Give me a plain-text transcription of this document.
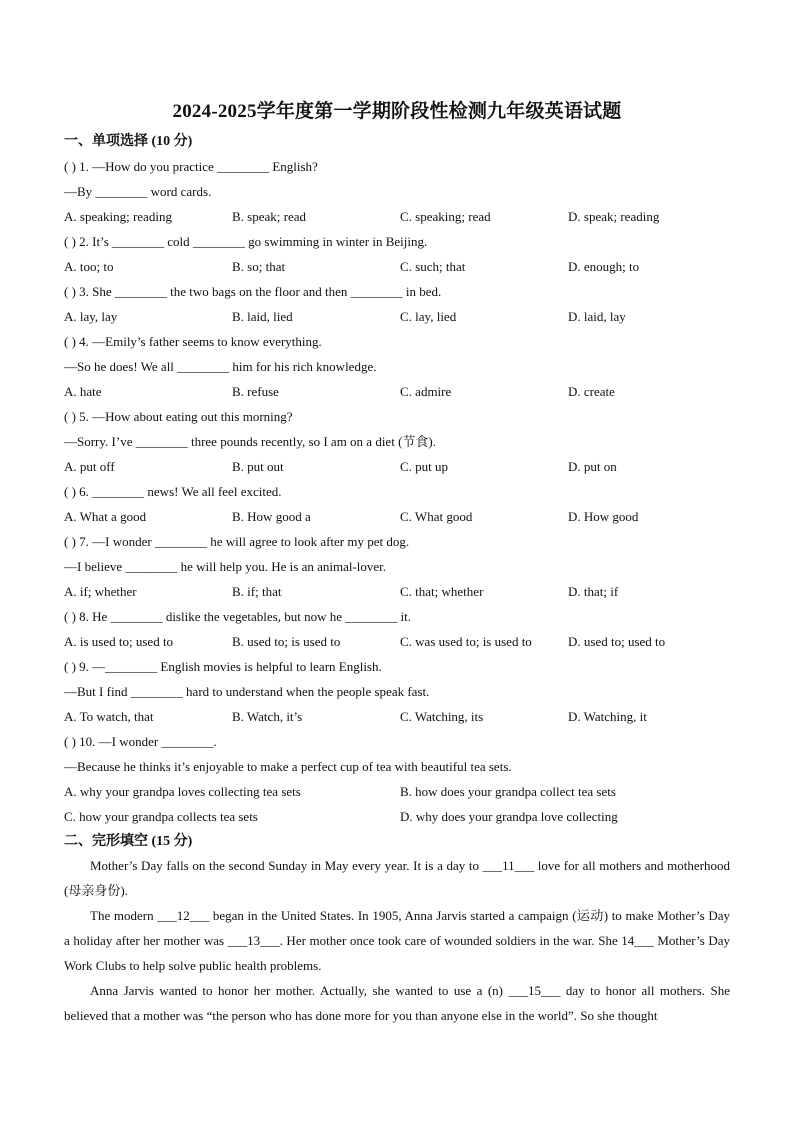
2024-2025学年度第一学期阶段性检测九年级英语试题
一、单项选择 (10 分)
( ) 1. —How do you practice ________ English?
—By ________ word cards.
A. speaking; reading	B. speak; read	C. speaking; read	D. speak; reading
( ) 2. It’s ________ cold ________ go swimming in winter in Beijing.
A. too; to	B. so; that	C. such; that	D. enough; to
( ) 3. She ________ the two bags on the floor and then ________ in bed.
A. lay, lay	B. laid, lied	C. lay, lied	D. laid, lay
( ) 4. —Emily’s father seems to know everything.
—So he does! We all ________ him for his rich knowledge.
A. hate	B. refuse	C. admire	D. create
( ) 5. —How about eating out this morning?
—Sorry. I’ve ________ three pounds recently, so I am on a diet (节食).
A. put off	B. put out	C. put up	D. put on
( ) 6. ________ news! We all feel excited.
A. What a good	B. How good a	C. What good	D. How good
( ) 7. —I wonder ________ he will agree to look after my pet dog.
—I believe ________ he will help you. He is an animal-lover.
A. if; whether	B. if; that	C. that; whether	D. that; if
( ) 8. He ________ dislike the vegetables, but now he ________ it.
A. is used to; used to	B. used to; is used to	C. was used to; is used to	D. used to; used to
( ) 9. —________ English movies is helpful to learn English.
—But I find ________ hard to understand when the people speak fast.
A. To watch, that	B. Watch, it’s	C. Watching, its	D. Watching, it
( ) 10. —I wonder ________.
—Because he thinks it’s enjoyable to make a perfect cup of tea with beautiful tea sets.
A. why your grandpa loves collecting tea sets	B. how does your grandpa collect tea sets
C. how your grandpa collects tea sets	D. why does your grandpa love collecting
二、完形填空 (15 分)
Mother’s Day falls on the second Sunday in May every year. It is a day to ___11___ love for all mothers and motherhood (母亲身份).
The modern ___12___ began in the United States. In 1905, Anna Jarvis started a campaign (运动) to make Mother’s Day a holiday after her mother was ___13___. Her mother once took care of wounded soldiers in the war. She 14___ Mother’s Day Work Clubs to help solve public health problems.
Anna Jarvis wanted to honor her mother. Actually, she wanted to use a (n) ___15___ day to honor all mothers. She believed that a mother was “the person who has done more for you than anyone else in the world”. So she thought
